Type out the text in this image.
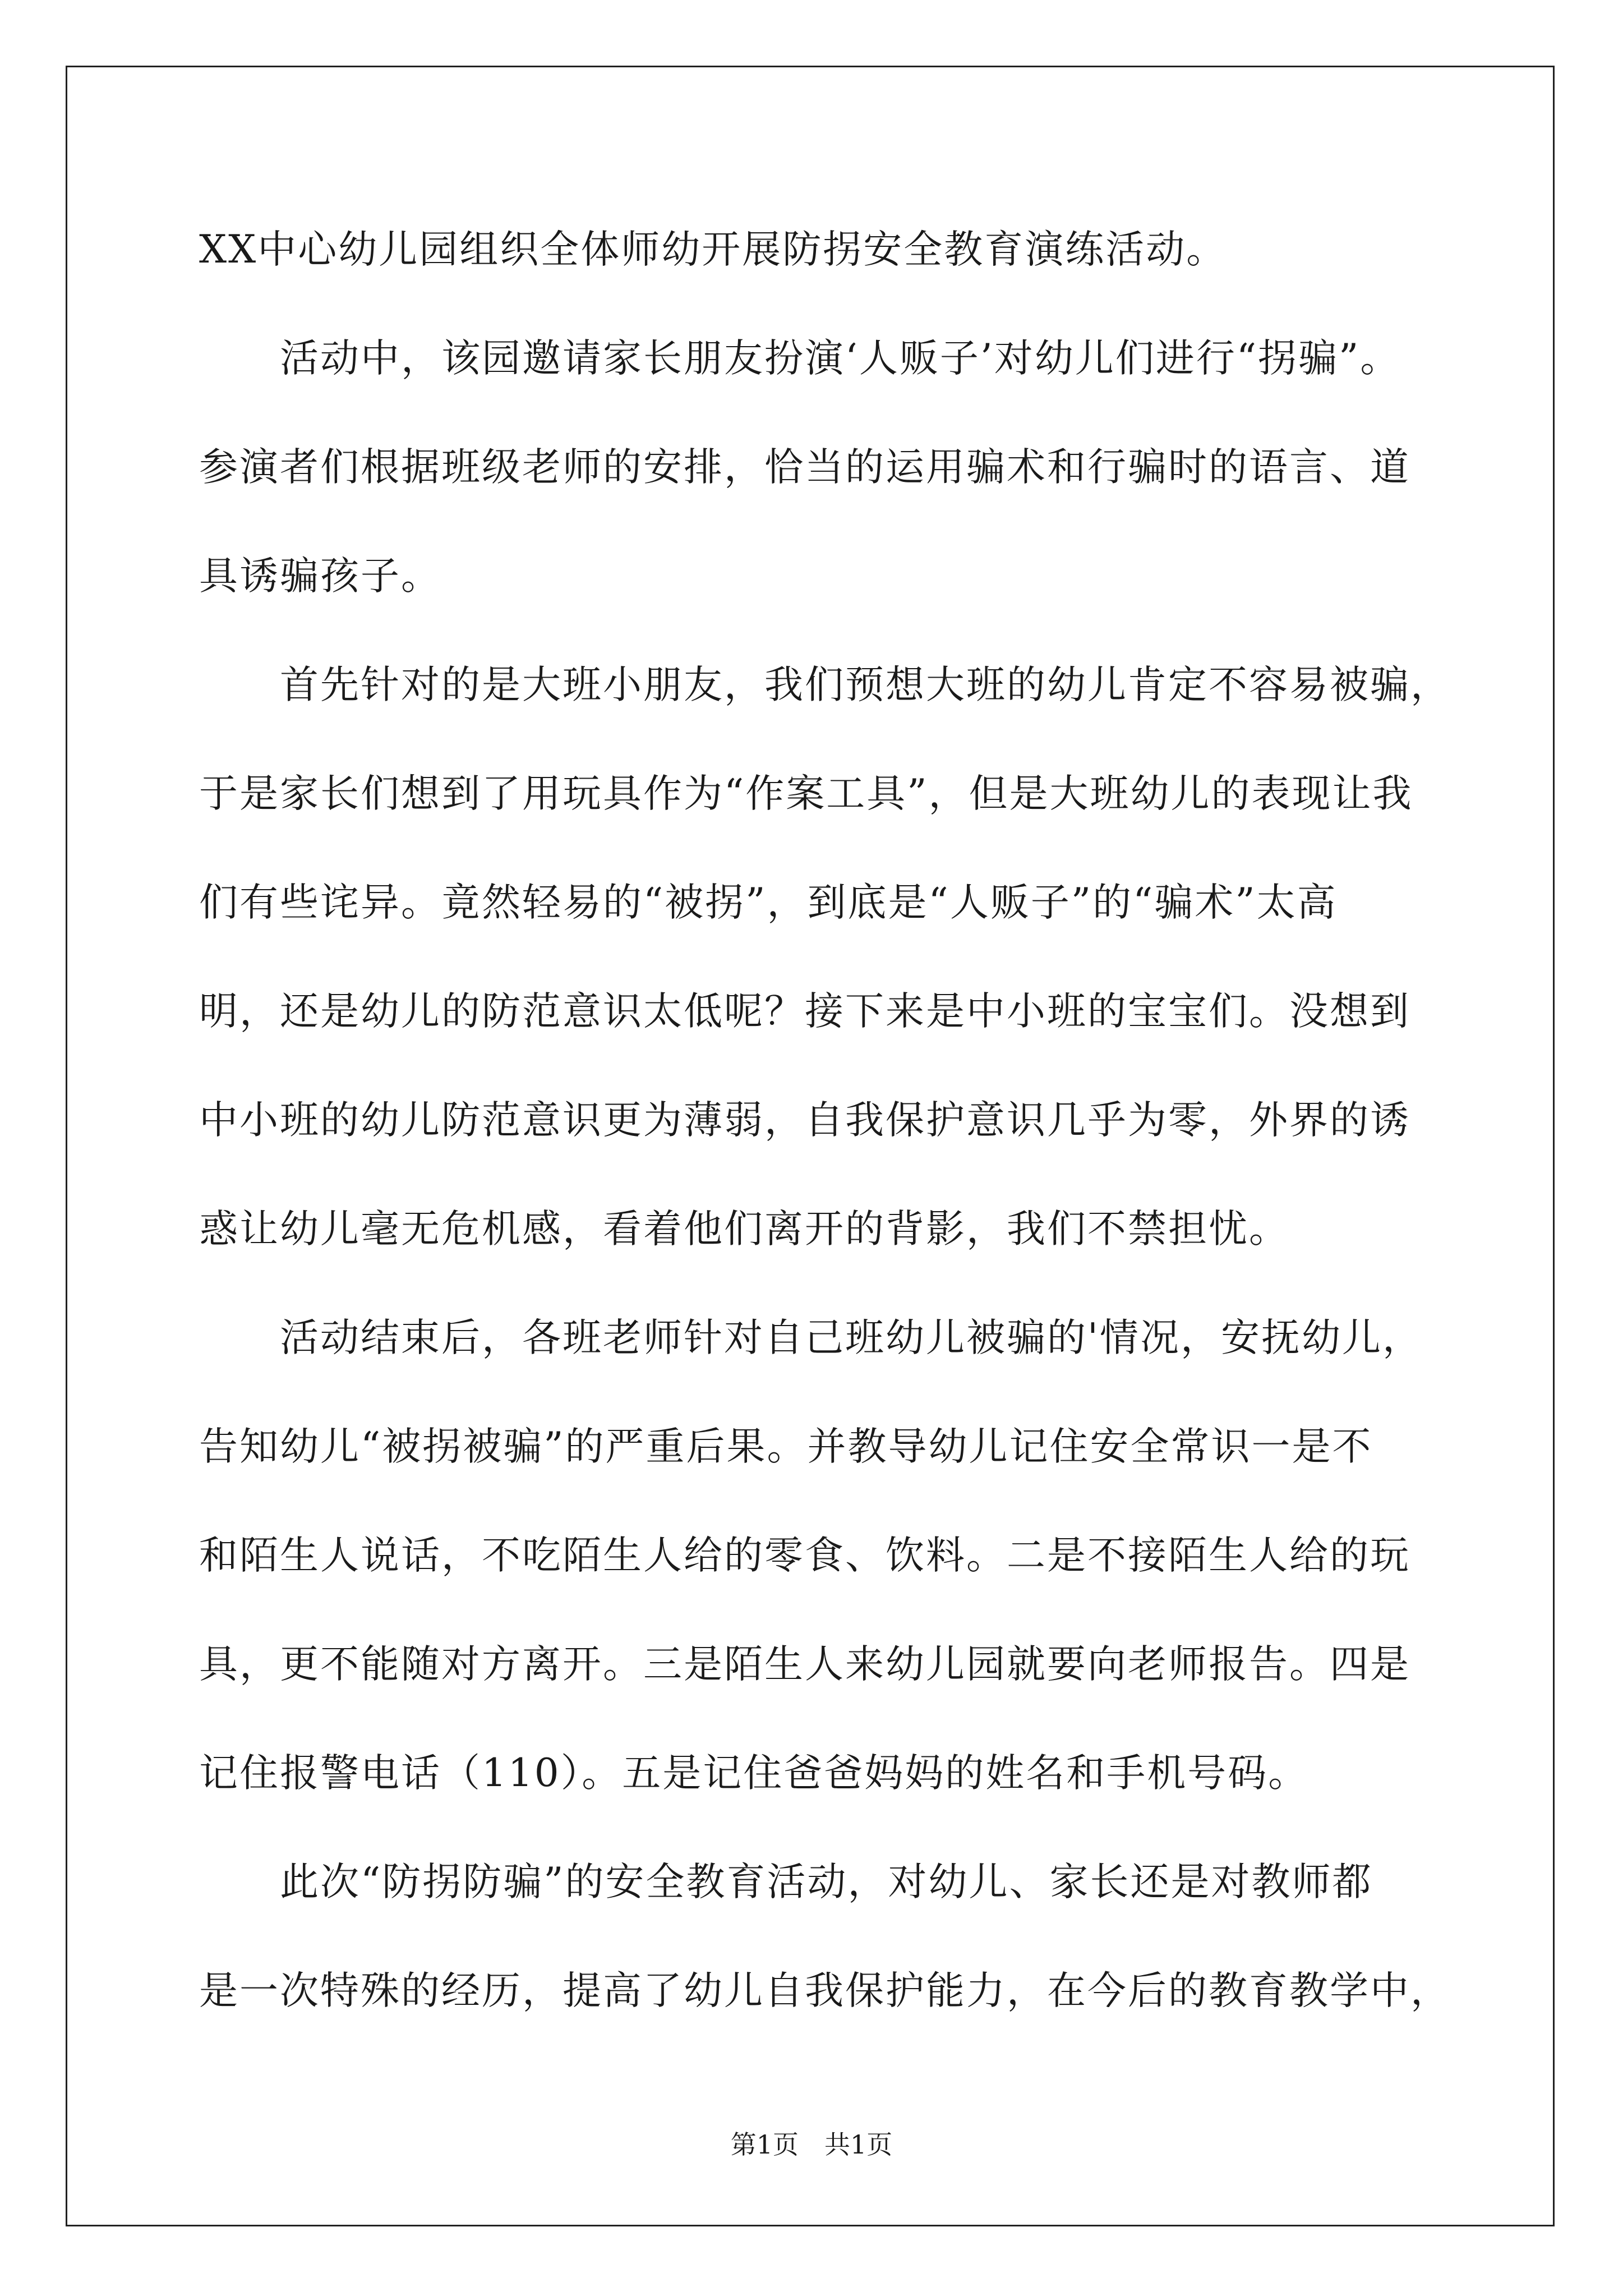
XX中心幼儿园组织全体师幼开展防拐安全教育演练活动。
　　活动中，该园邀请家长朋友扮演‘人贩子’对幼儿们进行“拐骗”。
参演者们根据班级老师的安排，恰当的运用骗术和行骗时的语言、道
具诱骗孩子。
　　首先针对的是大班小朋友，我们预想大班的幼儿肯定不容易被骗，
于是家长们想到了用玩具作为“作案工具”，但是大班幼儿的表现让我
们有些诧异。竟然轻易的“被拐”，到底是“人贩子”的“骗术”太高
明，还是幼儿的防范意识太低呢？接下来是中小班的宝宝们。没想到
中小班的幼儿防范意识更为薄弱，自我保护意识几乎为零，外界的诱
惑让幼儿毫无危机感，看着他们离开的背影，我们不禁担忧。
　　活动结束后，各班老师针对自己班幼儿被骗的'情况，安抚幼儿，
告知幼儿“被拐被骗”的严重后果。并教导幼儿记住安全常识一是不
和陌生人说话，不吃陌生人给的零食、饮料。二是不接陌生人给的玩
具，更不能随对方离开。三是陌生人来幼儿园就要向老师报告。四是
记住报警电话（110）。五是记住爸爸妈妈的姓名和手机号码。
　　此次“防拐防骗”的安全教育活动，对幼儿、家长还是对教师都
是一次特殊的经历，提高了幼儿自我保护能力，在今后的教育教学中，
第1页　共1页
